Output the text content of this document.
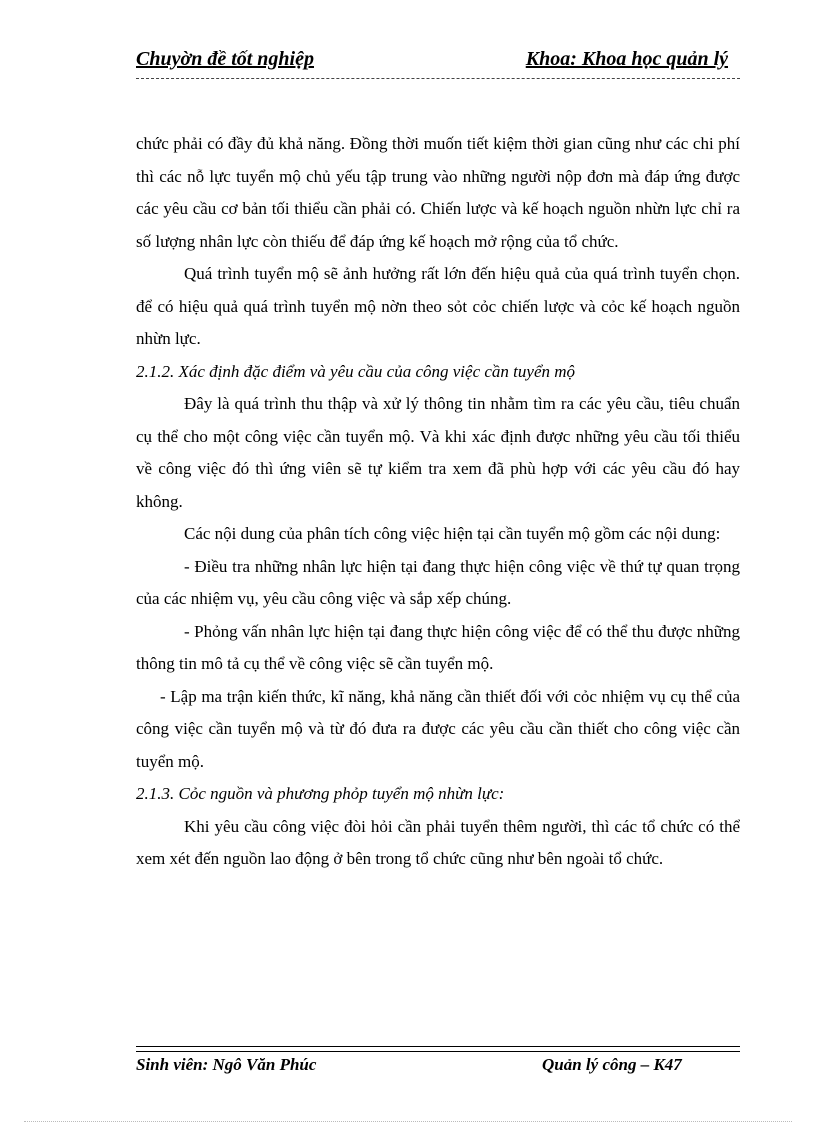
Chuyờn đề tốt nghiệp	Khoa: Khoa học quản lý

chức phải có đầy đủ khả năng. Đồng thời muốn tiết kiệm thời gian cũng như các chi phí thì các nỗ lực tuyển mộ chủ yếu tập trung vào những người nộp đơn mà đáp ứng được các yêu cầu cơ bản tối thiểu cần phải có. Chiến lược và kế hoạch nguồn nhừn lực chỉ ra số lượng nhân lực còn thiếu để đáp ứng kế hoạch mở rộng của tổ chức.

Quá trình tuyển mộ sẽ ảnh hưởng rất lớn đến hiệu quả của quá trình tuyển chọn. để có hiệu quả quá trình tuyển mộ nờn theo sỏt cỏc chiến lược và cỏc kế hoạch nguồn nhừn lực.

2.1.2. Xác định đặc điểm và yêu cầu của công việc cần tuyển mộ

Đây là quá trình thu thập và xử lý thông tin nhằm tìm ra các yêu cầu, tiêu chuẩn cụ thể cho một công việc cần tuyển mộ. Và khi xác định được những yêu cầu tối thiểu về công việc đó thì ứng viên sẽ tự kiểm tra xem đã phù hợp với các yêu cầu đó hay không.

Các nội dung của phân tích công việc hiện tại cần tuyển mộ gồm các nội dung:

- Điều tra những nhân lực hiện tại đang thực hiện công việc về thứ tự quan trọng của các nhiệm vụ, yêu cầu công việc và sắp xếp chúng.

- Phỏng vấn nhân lực hiện tại đang thực hiện công việc để có thể thu được những thông tin mô tả cụ thể về công việc sẽ cần tuyển mộ.

- Lập ma trận kiến thức, kĩ năng, khả năng cần thiết đối với cỏc nhiệm vụ cụ thể của công việc cần tuyển mộ và từ đó đưa ra được các yêu cầu cần thiết cho công việc cần tuyển mộ.

2.1.3. Cỏc nguồn và phương phỏp tuyển mộ nhừn lực:

Khi yêu cầu công việc đòi hỏi cần phải tuyển thêm người, thì các tổ chức có thể xem xét đến nguồn lao động ở bên trong tổ chức cũng như bên ngoài tổ chức.

Sinh viên: Ngô Văn Phúc	Quản lý công – K47
